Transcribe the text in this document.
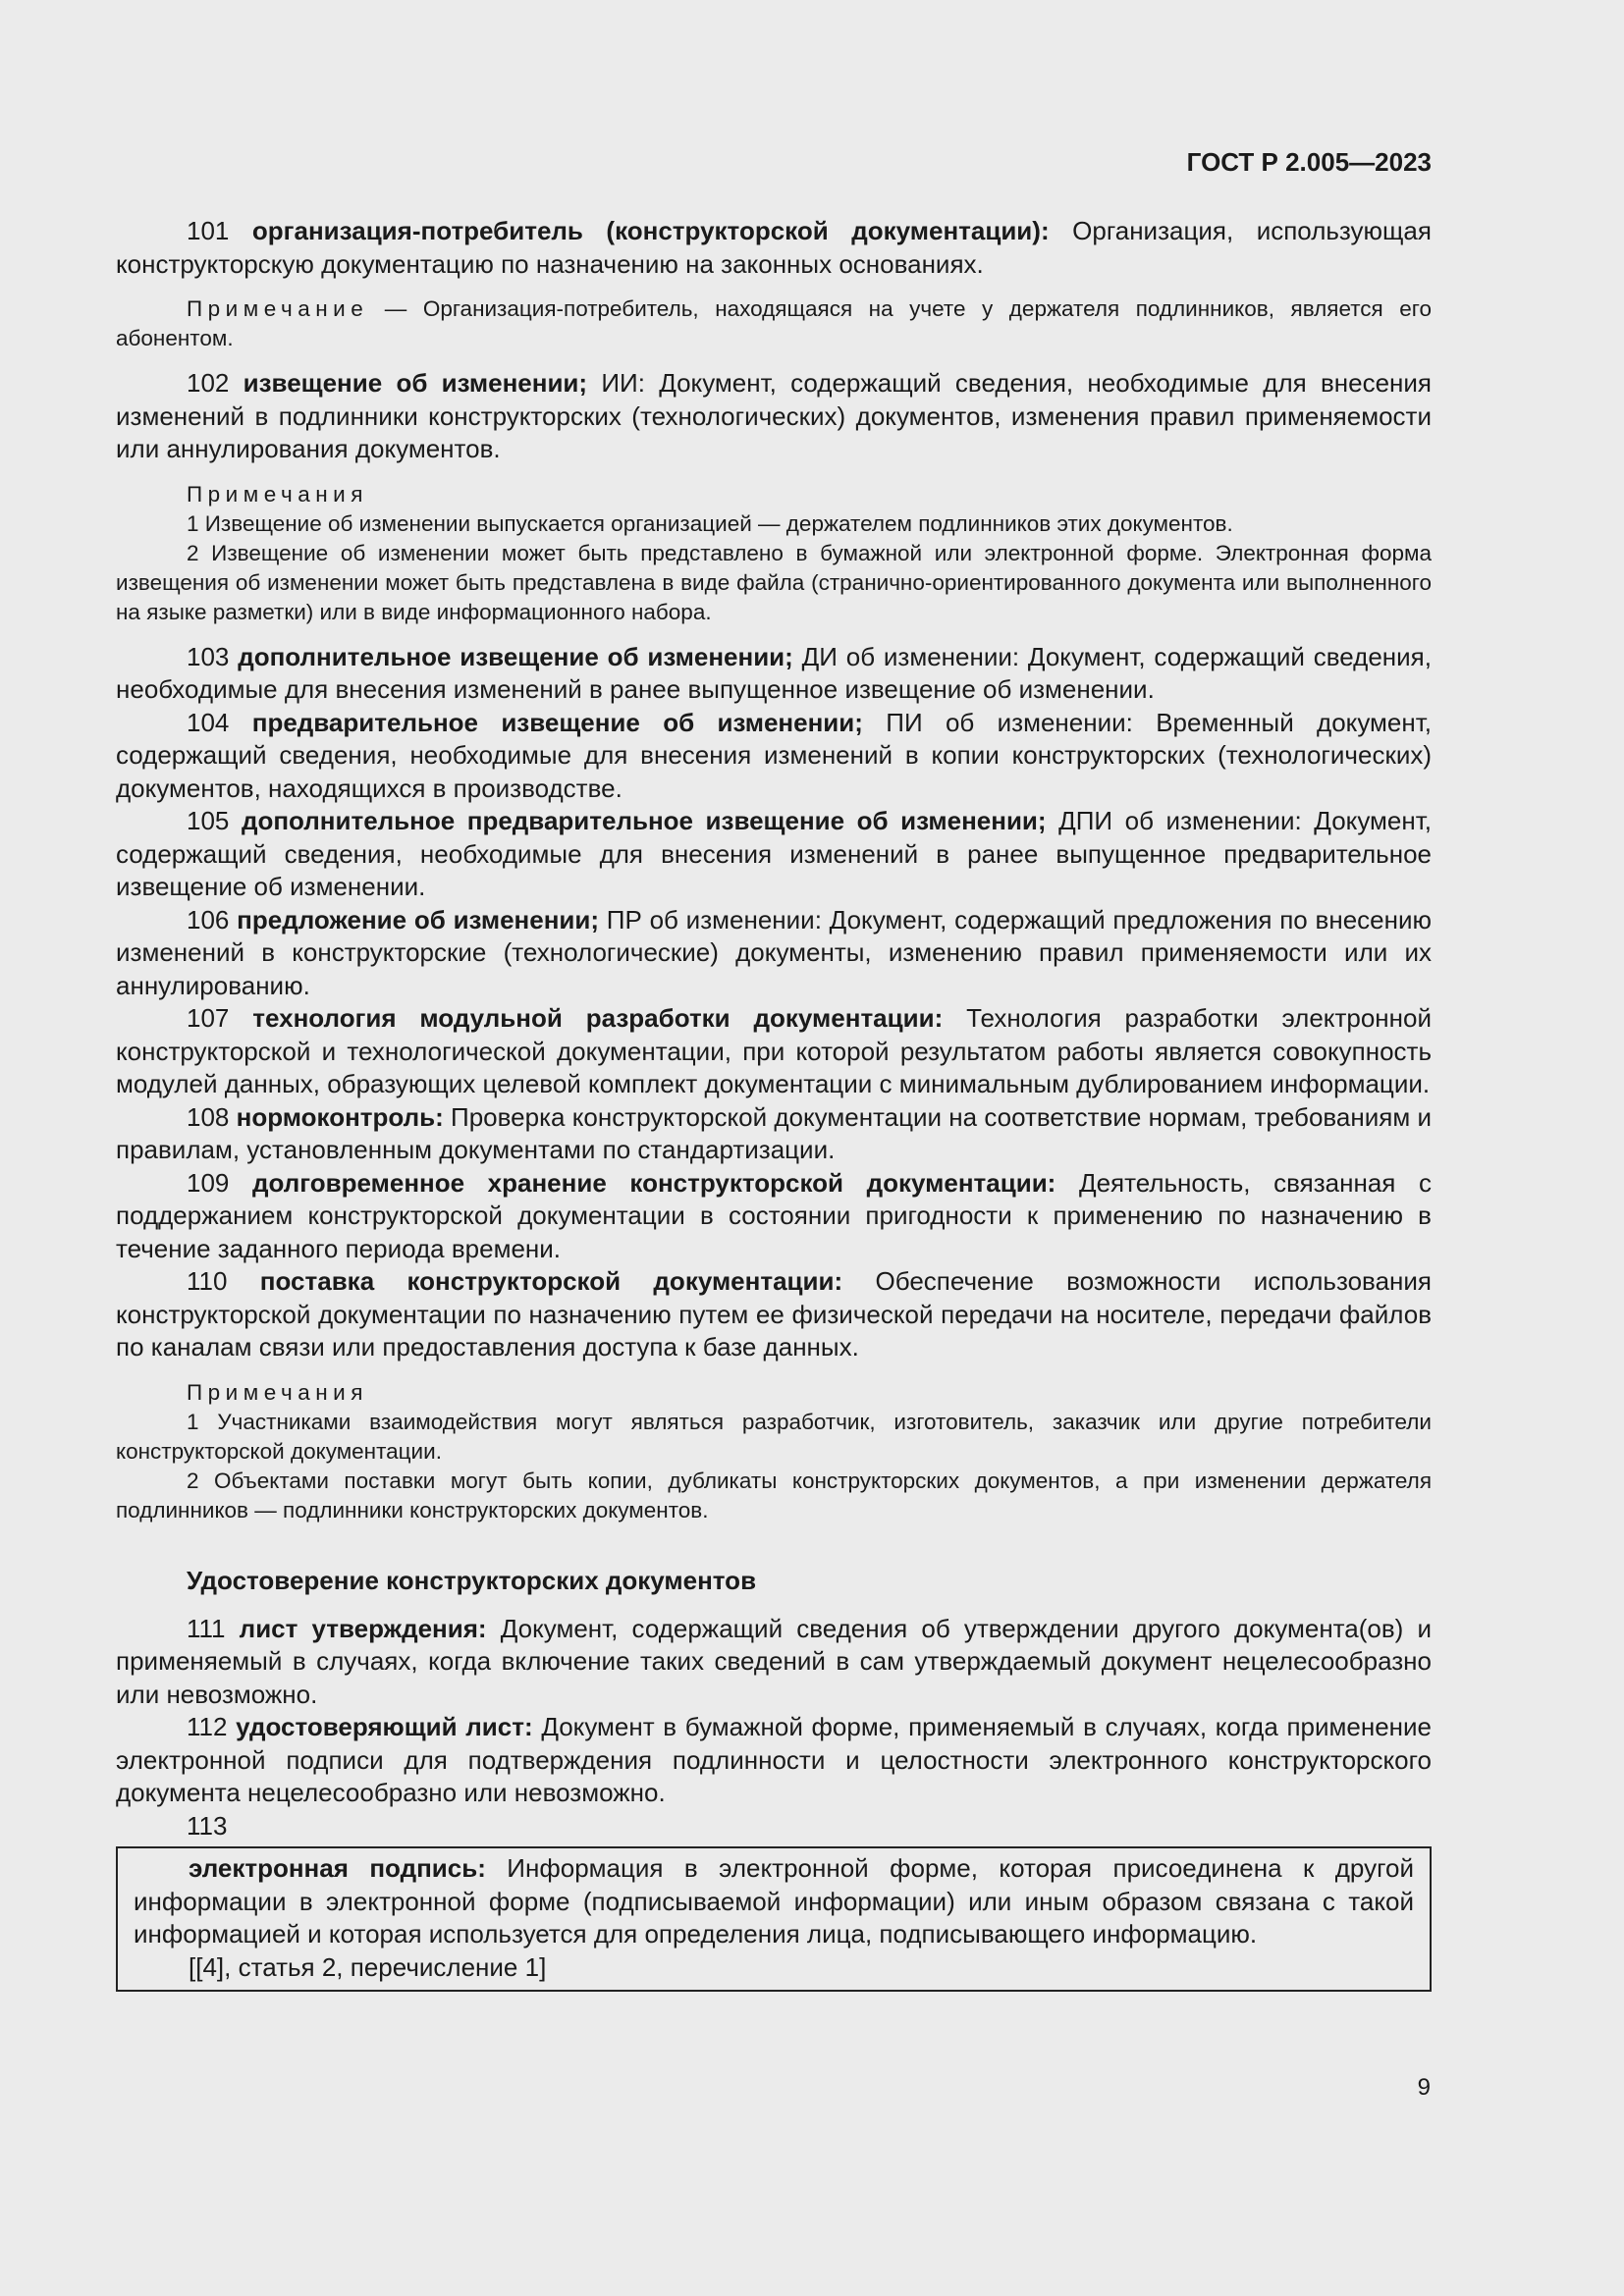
ГОСТ Р 2.005—2023

101 организация-потребитель (конструкторской документации): Организация, использующая конструкторскую документацию по назначению на законных основаниях.

Примечание — Организация-потребитель, находящаяся на учете у держателя подлинников, является его абонентом.

102 извещение об изменении; ИИ: Документ, содержащий сведения, необходимые для внесения изменений в подлинники конструкторских (технологических) документов, изменения правил применяемости или аннулирования документов.

Примечания

1 Извещение об изменении выпускается организацией — держателем подлинников этих документов.

2 Извещение об изменении может быть представлено в бумажной или электронной форме. Электронная форма извещения об изменении может быть представлена в виде файла (странично-ориентированного документа или выполненного на языке разметки) или в виде информационного набора.

103 дополнительное извещение об изменении; ДИ об изменении: Документ, содержащий сведения, необходимые для внесения изменений в ранее выпущенное извещение об изменении.

104 предварительное извещение об изменении; ПИ об изменении: Временный документ, содержащий сведения, необходимые для внесения изменений в копии конструкторских (технологических) документов, находящихся в производстве.

105 дополнительное предварительное извещение об изменении; ДПИ об изменении: Документ, содержащий сведения, необходимые для внесения изменений в ранее выпущенное предварительное извещение об изменении.

106 предложение об изменении; ПР об изменении: Документ, содержащий предложения по внесению изменений в конструкторские (технологические) документы, изменению правил применяемости или их аннулированию.

107 технология модульной разработки документации: Технология разработки электронной конструкторской и технологической документации, при которой результатом работы является совокупность модулей данных, образующих целевой комплект документации с минимальным дублированием информации.

108 нормоконтроль: Проверка конструкторской документации на соответствие нормам, требованиям и правилам, установленным документами по стандартизации.

109 долговременное хранение конструкторской документации: Деятельность, связанная с поддержанием конструкторской документации в состоянии пригодности к применению по назначению в течение заданного периода времени.

110 поставка конструкторской документации: Обеспечение возможности использования конструкторской документации по назначению путем ее физической передачи на носителе, передачи файлов по каналам связи или предоставления доступа к базе данных.

Примечания

1 Участниками взаимодействия могут являться разработчик, изготовитель, заказчик или другие потребители конструкторской документации.

2 Объектами поставки могут быть копии, дубликаты конструкторских документов, а при изменении держателя подлинников — подлинники конструкторских документов.

Удостоверение конструкторских документов

111 лист утверждения: Документ, содержащий сведения об утверждении другого документа(ов) и применяемый в случаях, когда включение таких сведений в сам утверждаемый документ нецелесообразно или невозможно.

112 удостоверяющий лист: Документ в бумажной форме, применяемый в случаях, когда применение электронной подписи для подтверждения подлинности и целостности электронного конструкторского документа нецелесообразно или невозможно.

113

электронная подпись: Информация в электронной форме, которая присоединена к другой информации в электронной форме (подписываемой информации) или иным образом связана с такой информацией и которая используется для определения лица, подписывающего информацию.

[[4], статья 2, перечисление 1]

9
